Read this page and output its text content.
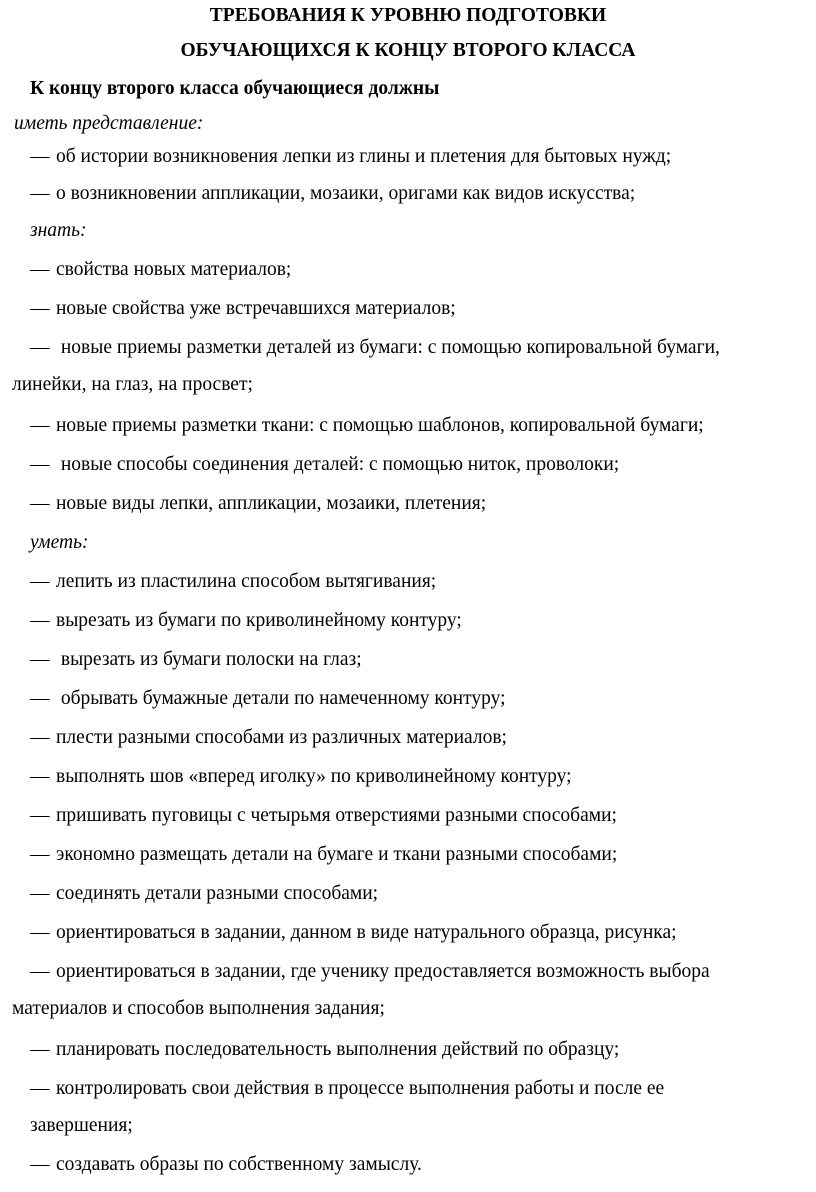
ТРЕБОВАНИЯ К УРОВНЮ ПОДГОТОВКИ
ОБУЧАЮЩИХСЯ К КОНЦУ ВТОРОГО КЛАССА
К концу второго класса обучающиеся должны
иметь представление:
— об истории возникновения лепки из глины и плетения для бытовых нужд;
— о возникновении аппликации, мозаики, оригами как видов искусства;
знать:
— свойства новых материалов;
— новые свойства уже встречавшихся материалов;
— новые приемы разметки деталей из бумаги: с помощью копировальной бумаги,
линейки, на глаз, на просвет;
— новые приемы разметки ткани: с помощью шаблонов, копировальной бумаги;
— новые способы соединения деталей: с помощью ниток, проволоки;
— новые виды лепки, аппликации, мозаики, плетения;
уметь:
— лепить из пластилина способом вытягивания;
— вырезать из бумаги по криволинейному контуру;
— вырезать из бумаги полоски на глаз;
— обрывать бумажные детали по намеченному контуру;
— плести разными способами из различных материалов;
— выполнять шов «вперед иголку» по криволинейному контуру;
— пришивать пуговицы с четырьмя отверстиями разными способами;
— экономно размещать детали на бумаге и ткани разными способами;
— соединять детали разными способами;
— ориентироваться в задании, данном в виде натурального образца, рисунка;
— ориентироваться в задании, где ученику предоставляется возможность выбора
материалов и способов выполнения задания;
— планировать последовательность выполнения действий по образцу;
— контролировать свои действия в процессе выполнения работы и после ее
завершения;
— создавать образы по собственному замыслу.
